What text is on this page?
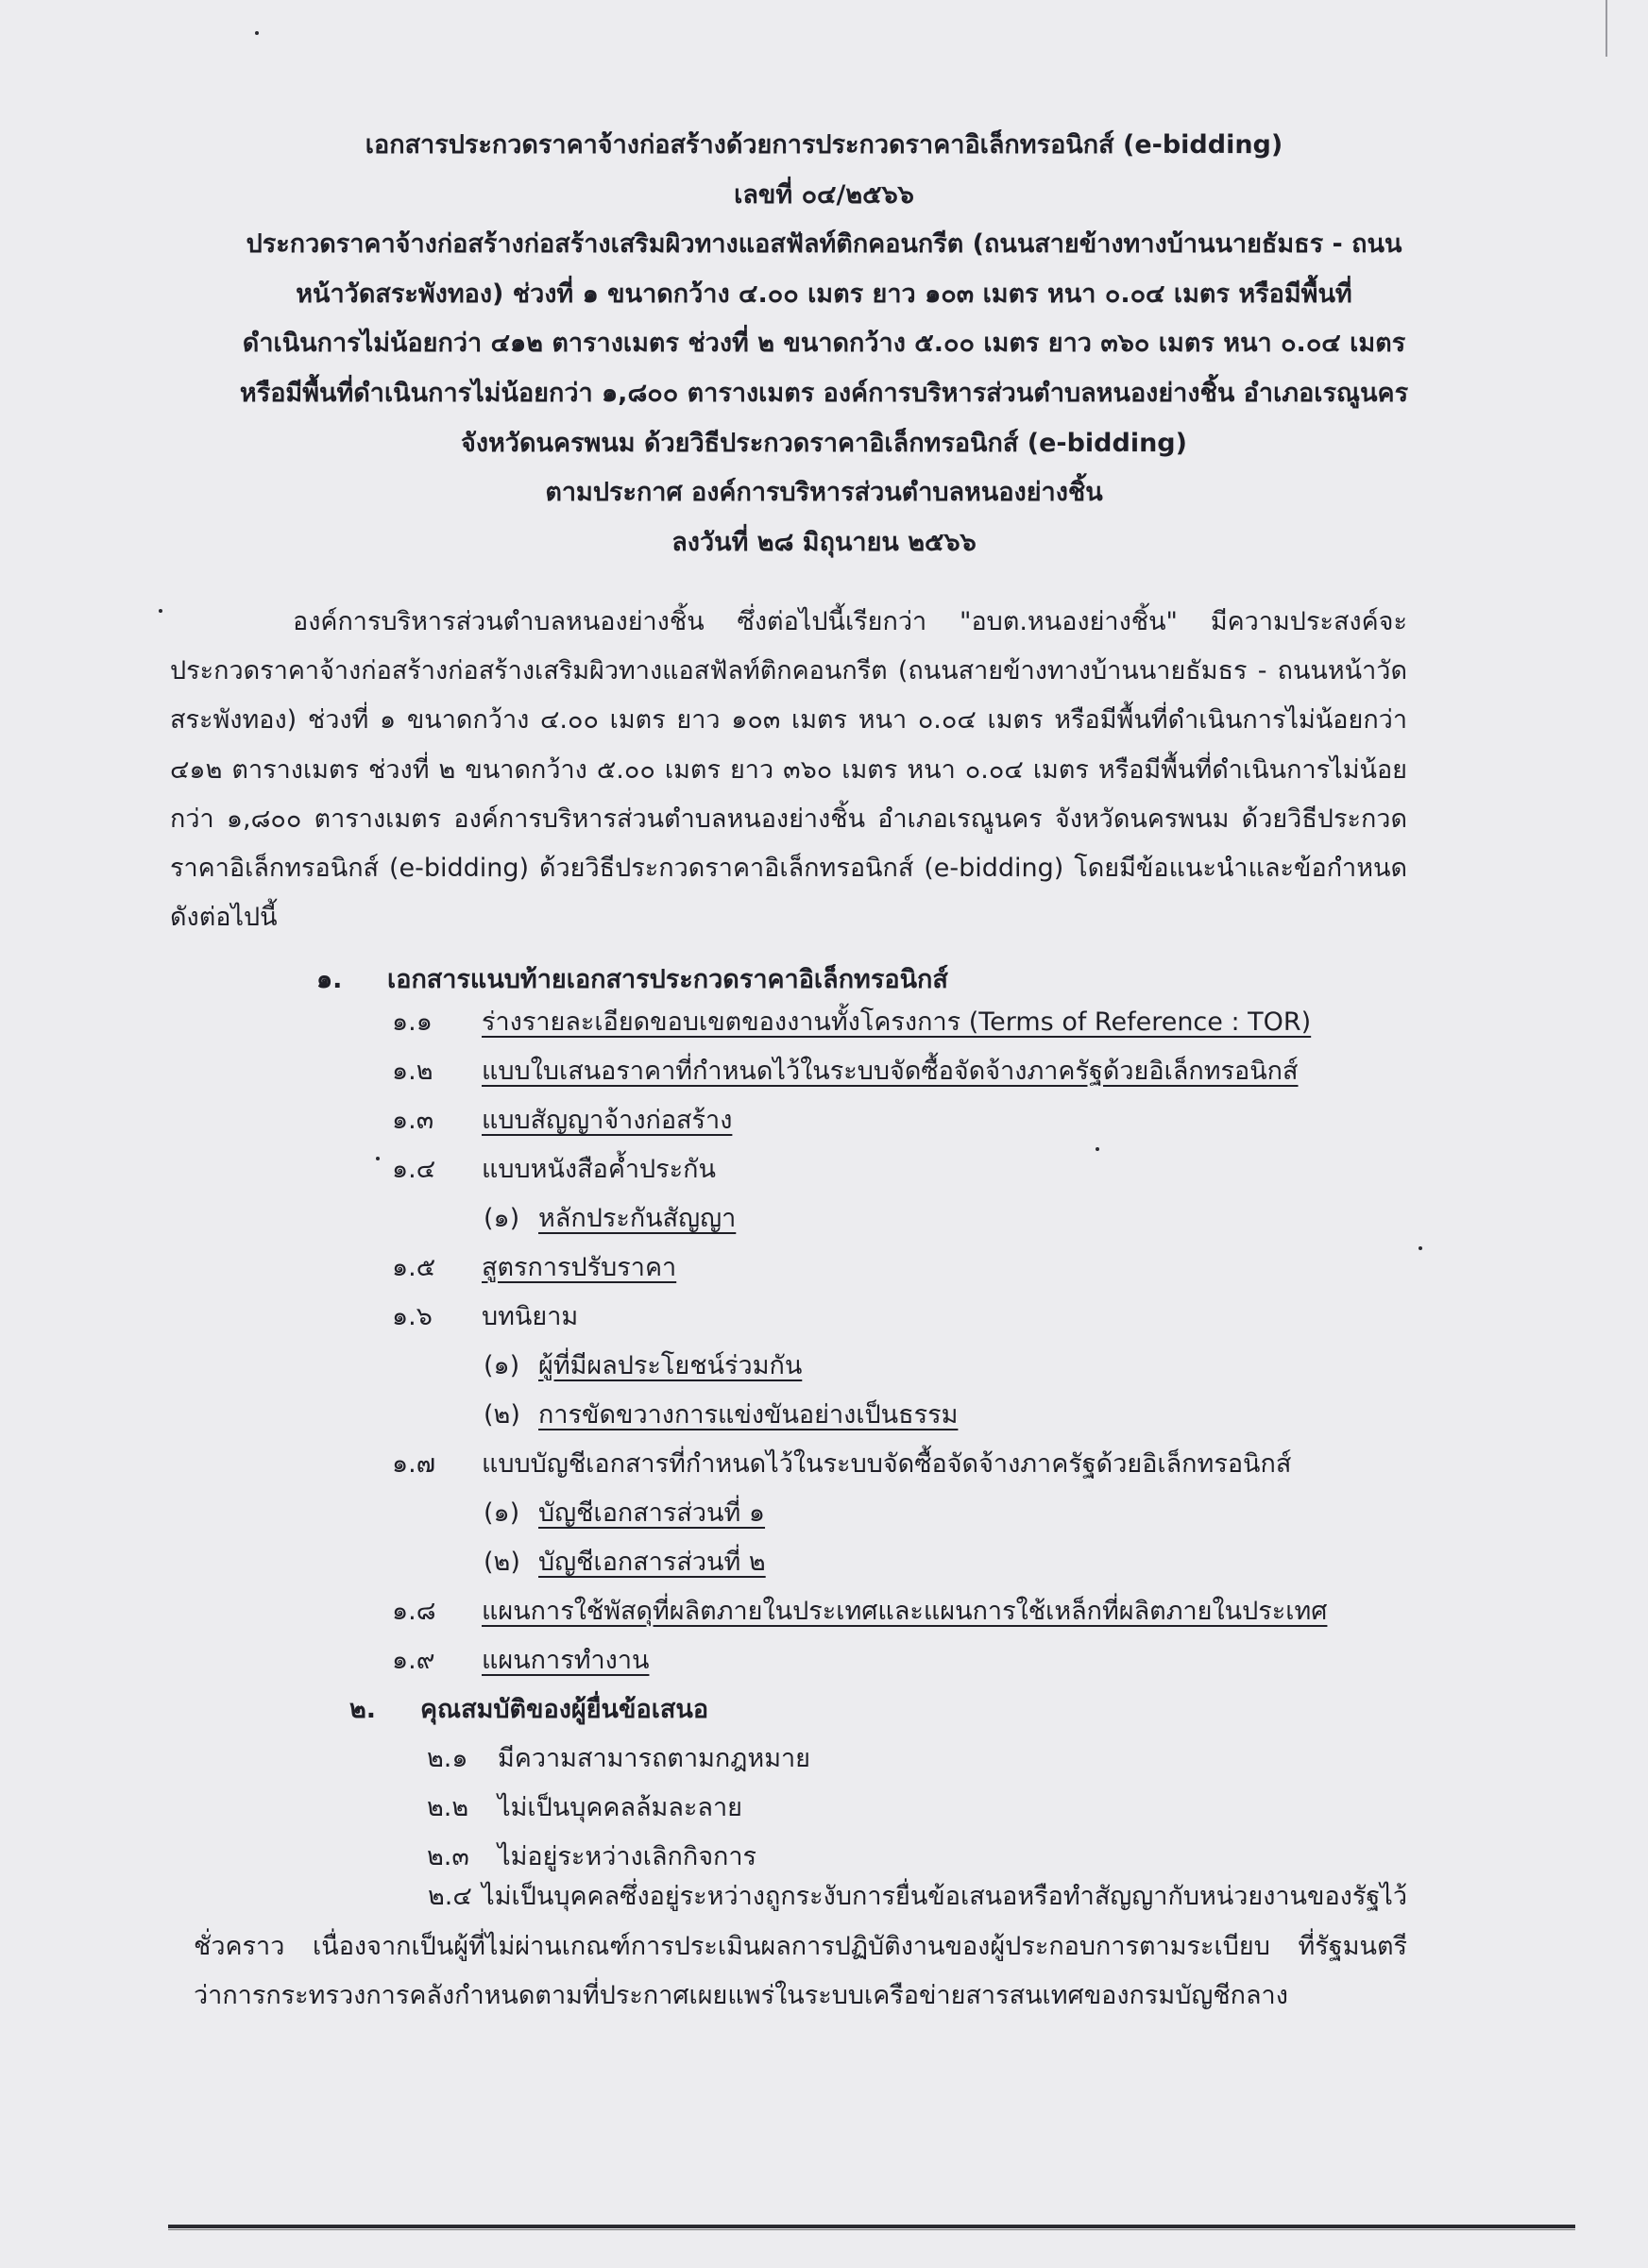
เอกสารประกวดราคาจ้างก่อสร้างด้วยการประกวดราคาอิเล็กทรอนิกส์ (e-bidding)
เลขที่ ๐๔/๒๕๖๖
ประกวดราคาจ้างก่อสร้างก่อสร้างเสริมผิวทางแอสฟัลท์ติกคอนกรีต (ถนนสายข้างทางบ้านนายธัมธร - ถนน
หน้าวัดสระพังทอง) ช่วงที่ ๑ ขนาดกว้าง ๔.๐๐ เมตร ยาว ๑๐๓ เมตร หนา ๐.๐๔ เมตร หรือมีพื้นที่
ดำเนินการไม่น้อยกว่า ๔๑๒ ตารางเมตร ช่วงที่ ๒ ขนาดกว้าง ๕.๐๐ เมตร ยาว ๓๖๐ เมตร หนา ๐.๐๔ เมตร
หรือมีพื้นที่ดำเนินการไม่น้อยกว่า ๑,๘๐๐ ตารางเมตร องค์การบริหารส่วนตำบลหนองย่างชิ้น อำเภอเรณูนคร
จังหวัดนครพนม ด้วยวิธีประกวดราคาอิเล็กทรอนิกส์ (e-bidding)
ตามประกาศ องค์การบริหารส่วนตำบลหนองย่างชิ้น
ลงวันที่ ๒๘ มิถุนายน ๒๕๖๖

องค์การบริหารส่วนตำบลหนองย่างชิ้น ซึ่งต่อไปนี้เรียกว่า "อบต.หนองย่างชิ้น" มีความประสงค์จะประกวดราคาจ้างก่อสร้างก่อสร้างเสริมผิวทางแอสฟัลท์ติกคอนกรีต (ถนนสายข้างทางบ้านนายธัมธร - ถนนหน้าวัดสระพังทอง) ช่วงที่ ๑ ขนาดกว้าง ๔.๐๐ เมตร ยาว ๑๐๓ เมตร หนา ๐.๐๔ เมตร หรือมีพื้นที่ดำเนินการไม่น้อยกว่า ๔๑๒ ตารางเมตร ช่วงที่ ๒ ขนาดกว้าง ๕.๐๐ เมตร ยาว ๓๖๐ เมตร หนา ๐.๐๔ เมตร หรือมีพื้นที่ดำเนินการไม่น้อยกว่า ๑,๘๐๐ ตารางเมตร องค์การบริหารส่วนตำบลหนองย่างชิ้น อำเภอเรณูนคร จังหวัดนครพนม ด้วยวิธีประกวดราคาอิเล็กทรอนิกส์ (e-bidding) ด้วยวิธีประกวดราคาอิเล็กทรอนิกส์ (e-bidding) โดยมีข้อแนะนำและข้อกำหนดดังต่อไปนี้

๑. เอกสารแนบท้ายเอกสารประกวดราคาอิเล็กทรอนิกส์
๑.๑ ร่างรายละเอียดขอบเขตของงานทั้งโครงการ (Terms of Reference : TOR)
๑.๒ แบบใบเสนอราคาที่กำหนดไว้ในระบบจัดซื้อจัดจ้างภาครัฐด้วยอิเล็กทรอนิกส์
๑.๓ แบบสัญญาจ้างก่อสร้าง
๑.๔ แบบหนังสือค้ำประกัน
(๑) หลักประกันสัญญา
๑.๕ สูตรการปรับราคา
๑.๖ บทนิยาม
(๑) ผู้ที่มีผลประโยชน์ร่วมกัน
(๒) การขัดขวางการแข่งขันอย่างเป็นธรรม
๑.๗ แบบบัญชีเอกสารที่กำหนดไว้ในระบบจัดซื้อจัดจ้างภาครัฐด้วยอิเล็กทรอนิกส์
(๑) บัญชีเอกสารส่วนที่ ๑
(๒) บัญชีเอกสารส่วนที่ ๒
๑.๘ แผนการใช้พัสดุที่ผลิตภายในประเทศและแผนการใช้เหล็กที่ผลิตภายในประเทศ
๑.๙ แผนการทำงาน
๒. คุณสมบัติของผู้ยื่นข้อเสนอ
๒.๑ มีความสามารถตามกฎหมาย
๒.๒ ไม่เป็นบุคคลล้มละลาย
๒.๓ ไม่อยู่ระหว่างเลิกกิจการ

๒.๔ ไม่เป็นบุคคลซึ่งอยู่ระหว่างถูกระงับการยื่นข้อเสนอหรือทำสัญญากับหน่วยงานของรัฐไว้ชั่วคราว เนื่องจากเป็นผู้ที่ไม่ผ่านเกณฑ์การประเมินผลการปฏิบัติงานของผู้ประกอบการตามระเบียบ ที่รัฐมนตรีว่าการกระทรวงการคลังกำหนดตามที่ประกาศเผยแพร่ในระบบเครือข่ายสารสนเทศของกรมบัญชีกลาง
